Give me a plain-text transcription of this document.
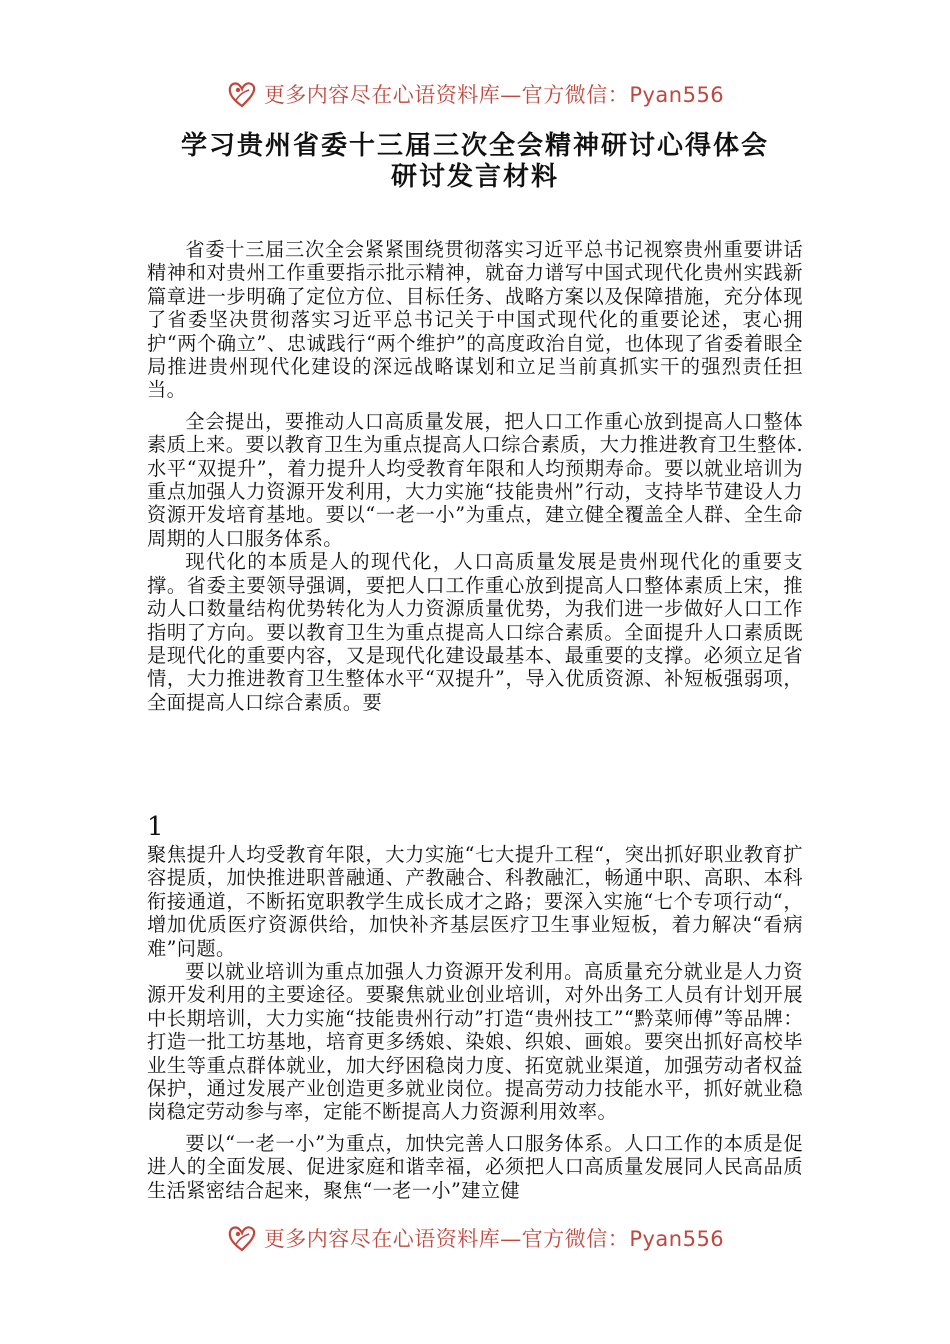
更多内容尽在心语资料库—官方微信：Pyan556
学习贵州省委十三届三次全会精神研讨心得体会
研讨发言材料

省委十三届三次全会紧紧围绕贯彻落实习近平总书记视察贵州重要讲话精神和对贵州工作重要指示批示精神，就奋力谱写中国式现代化贵州实践新篇章进一步明确了定位方位、目标任务、战略方案以及保障措施，充分体现了省委坚决贯彻落实习近平总书记关于中国式现代化的重要论述，衷心拥护“两个确立”、忠诚践行“两个维护”的高度政治自觉，也体现了省委着眼全局推进贵州现代化建设的深远战略谋划和立足当前真抓实干的强烈责任担当。

全会提出，要推动人口高质量发展，把人口工作重心放到提高人口整体素质上来。要以教育卫生为重点提高人口综合素质，大力推进教育卫生整体.水平“双提升”，着力提升人均受教育年限和人均预期寿命。要以就业培训为重点加强人力资源开发利用，大力实施“技能贵州”行动，支持毕节建设人力资源开发培育基地。要以“一老一小”为重点，建立健全覆盖全人群、全生命周期的人口服务体系。

现代化的本质是人的现代化，人口高质量发展是贵州现代化的重要支撑。省委主要领导强调，要把人口工作重心放到提高人口整体素质上宋，推动人口数量结构优势转化为人力资源质量优势，为我们进一步做好人口工作指明了方向。要以教育卫生为重点提高人口综合素质。全面提升人口素质既是现代化的重要内容，又是现代化建设最基本、最重要的支撑。必须立足省情，大力推进教育卫生整体水平“双提升”，导入优质资源、补短板强弱项，全面提高人口综合素质。要

1

聚焦提升人均受教育年限，大力实施“七大提升工程“，突出抓好职业教育扩容提质，加快推进职普融通、产教融合、科教融汇，畅通中职、高职、本科衔接通道，不断拓宽职教学生成长成才之路；要深入实施“七个专项行动“，增加优质医疗资源供给，加快补齐基层医疗卫生事业短板，着力解决“看病难”问题。

要以就业培训为重点加强人力资源开发利用。高质量充分就业是人力资源开发利用的主要途径。要聚焦就业创业培训，对外出务工人员有计划开展中长期培训，大力实施“技能贵州行动”打造“贵州技工”“黔菜师傅”等品牌：打造一批工坊基地，培育更多绣娘、染娘、织娘、画娘。要突出抓好高校毕业生等重点群体就业，加大纾困稳岗力度、拓宽就业渠道，加强劳动者权益保护，通过发展产业创造更多就业岗位。提高劳动力技能水平，抓好就业稳岗稳定劳动参与率，定能不断提高人力资源利用效率。

要以“一老一小”为重点，加快完善人口服务体系。人口工作的本质是促进人的全面发展、促进家庭和谐幸福，必须把人口高质量发展同人民高品质生活紧密结合起来，聚焦“一老一小”建立健

更多内容尽在心语资料库—官方微信：Pyan556
